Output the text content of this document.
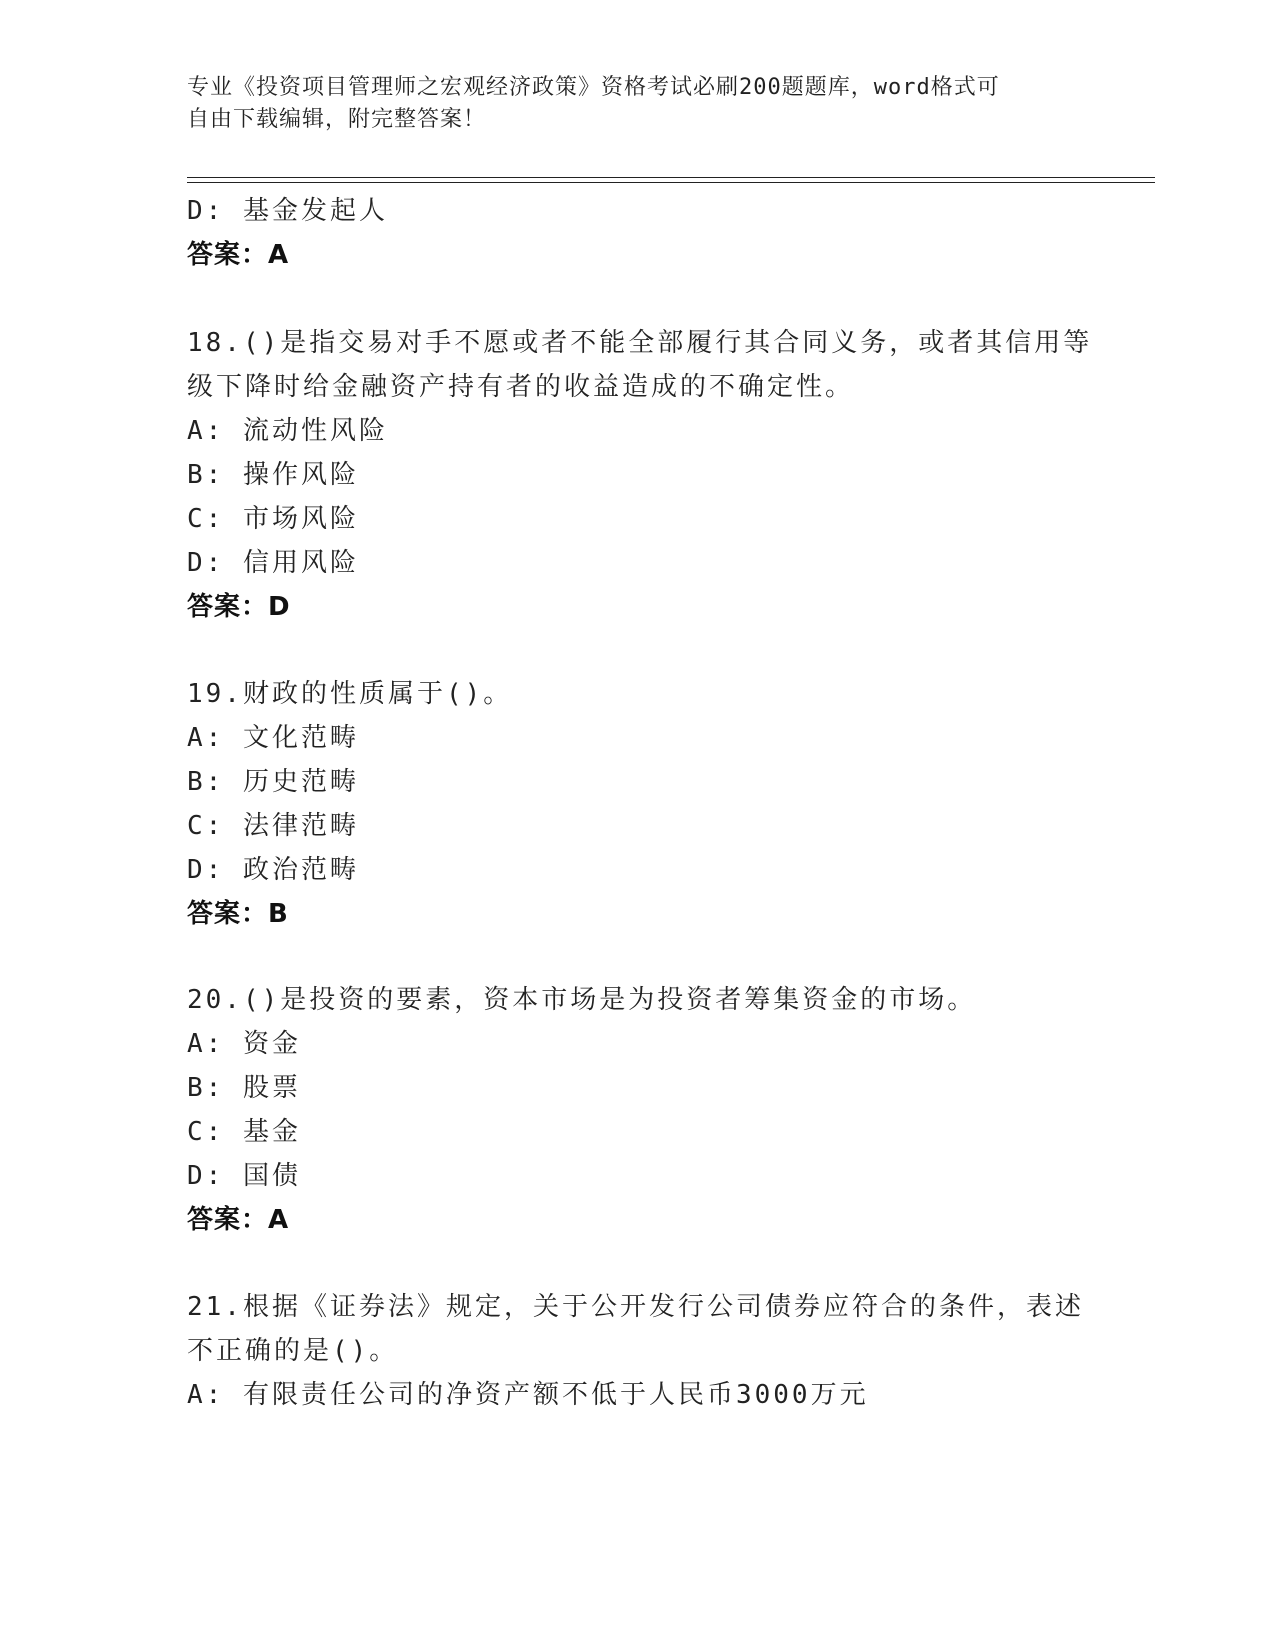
专业《投资项目管理师之宏观经济政策》资格考试必刷200题题库，word格式可
自由下载编辑，附完整答案！
D: 基金发起人
答案：A
18.()是指交易对手不愿或者不能全部履行其合同义务，或者其信用等
级下降时给金融资产持有者的收益造成的不确定性。
A: 流动性风险
B: 操作风险
C: 市场风险
D: 信用风险
答案：D
19.财政的性质属于()。
A: 文化范畴
B: 历史范畴
C: 法律范畴
D: 政治范畴
答案：B
20.()是投资的要素，资本市场是为投资者筹集资金的市场。
A: 资金
B: 股票
C: 基金
D: 国债
答案：A
21.根据《证券法》规定，关于公开发行公司债券应符合的条件，表述
不正确的是()。
A: 有限责任公司的净资产额不低于人民币3000万元
